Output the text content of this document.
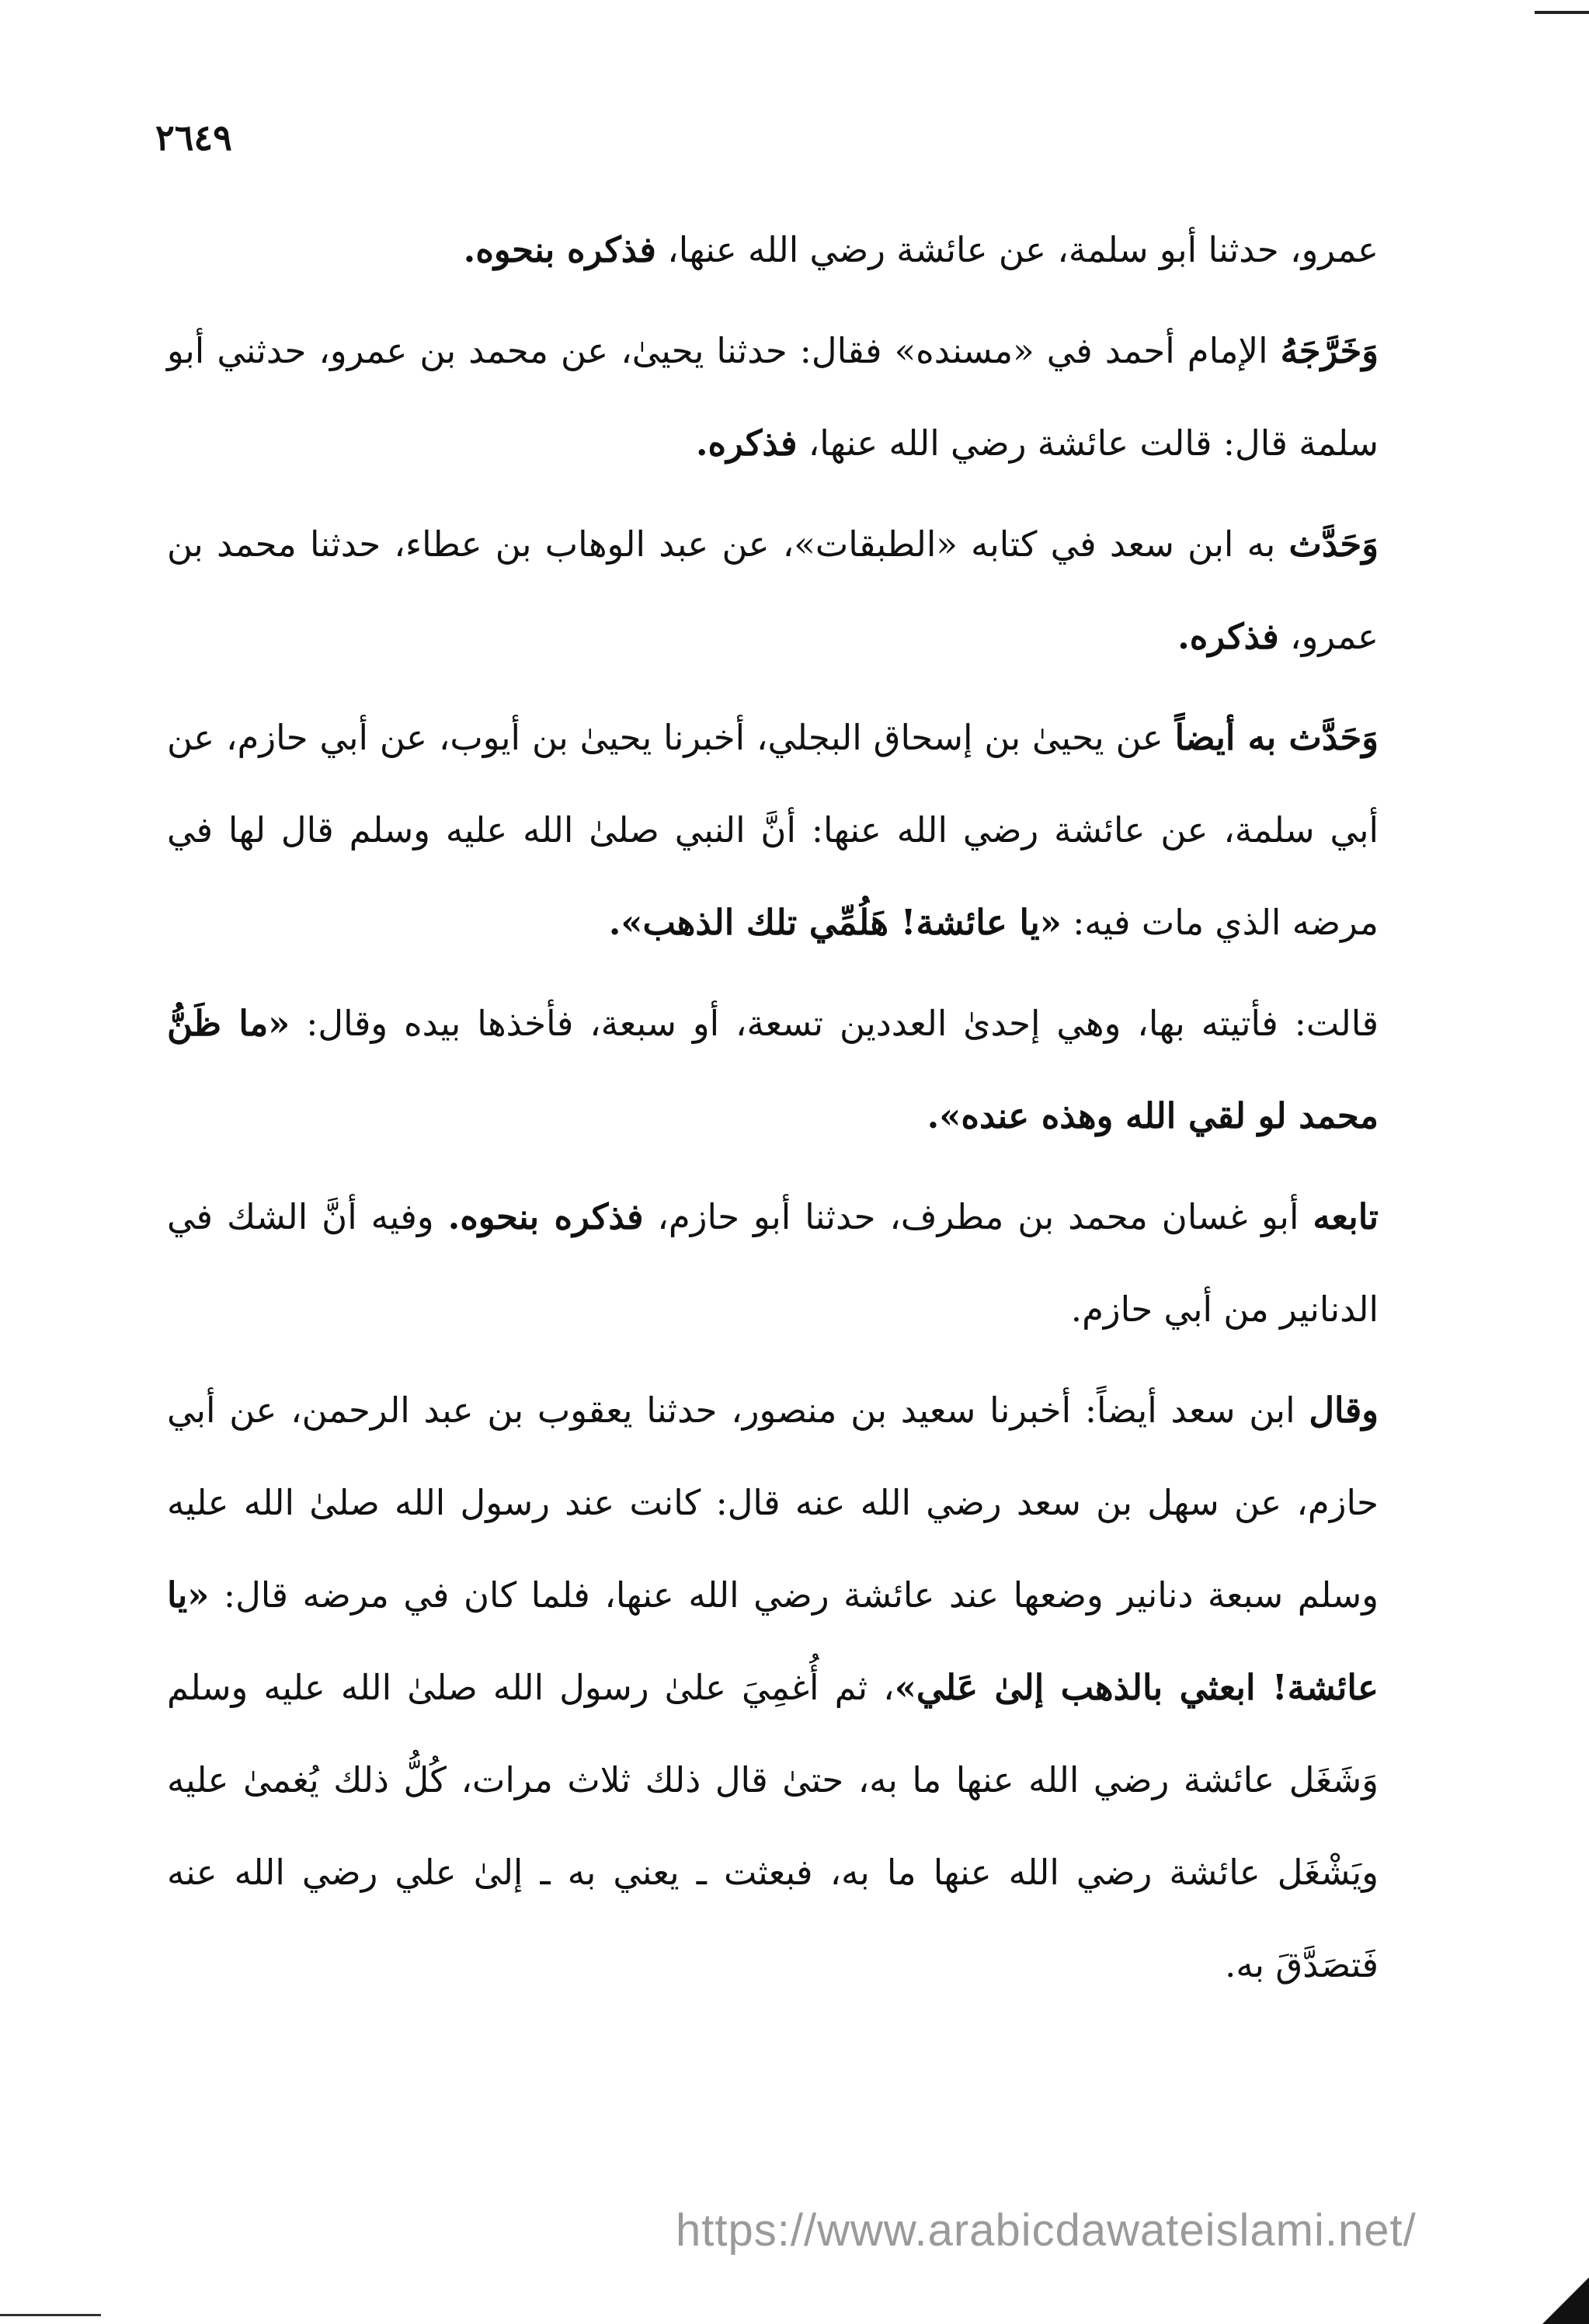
٢٦٤٩

عمرو، حدثنا أبو سلمة، عن عائشة رضي الله عنها، فذكره بنحوه.

وَخَرَّجَهُ الإمام أحمد في «مسنده» فقال: حدثنا يحيىٰ، عن محمد بن عمرو، حدثني أبو سلمة قال: قالت عائشة رضي الله عنها، فذكره.

وَحَدَّث به ابن سعد في كتابه «الطبقات»، عن عبد الوهاب بن عطاء، حدثنا محمد بن عمرو، فذكره.

وَحَدَّث به أيضاً عن يحيىٰ بن إسحاق البجلي، أخبرنا يحيىٰ بن أيوب، عن أبي حازم، عن أبي سلمة، عن عائشة رضي الله عنها: أنَّ النبي صلىٰ الله عليه وسلم قال لها في مرضه الذي مات فيه: «يا عائشة! هَلُمِّي تلك الذهب».

قالت: فأتيته بها، وهي إحدىٰ العددين تسعة، أو سبعة، فأخذها بيده وقال: «ما ظَنُّ محمد لو لقي الله وهذه عنده».

تابعه أبو غسان محمد بن مطرف، حدثنا أبو حازم، فذكره بنحوه. وفيه أنَّ الشك في الدنانير من أبي حازم.

وقال ابن سعد أيضاً: أخبرنا سعيد بن منصور، حدثنا يعقوب بن عبد الرحمن، عن أبي حازم، عن سهل بن سعد رضي الله عنه قال: كانت عند رسول الله صلىٰ الله عليه وسلم سبعة دنانير وضعها عند عائشة رضي الله عنها، فلما كان في مرضه قال: «يا عائشة! ابعثي بالذهب إلىٰ عَلي»، ثم أُغمِيَ علىٰ رسول الله صلىٰ الله عليه وسلم وَشَغَل عائشة رضي الله عنها ما به، حتىٰ قال ذلك ثلاث مرات، كُلُّ ذلك يُغمىٰ عليه ويَشْغَل عائشة رضي الله عنها ما به، فبعثت ـ يعني به ـ إلىٰ علي رضي الله عنه فَتصَدَّقَ به.

https://www.arabicdawateislami.net/
